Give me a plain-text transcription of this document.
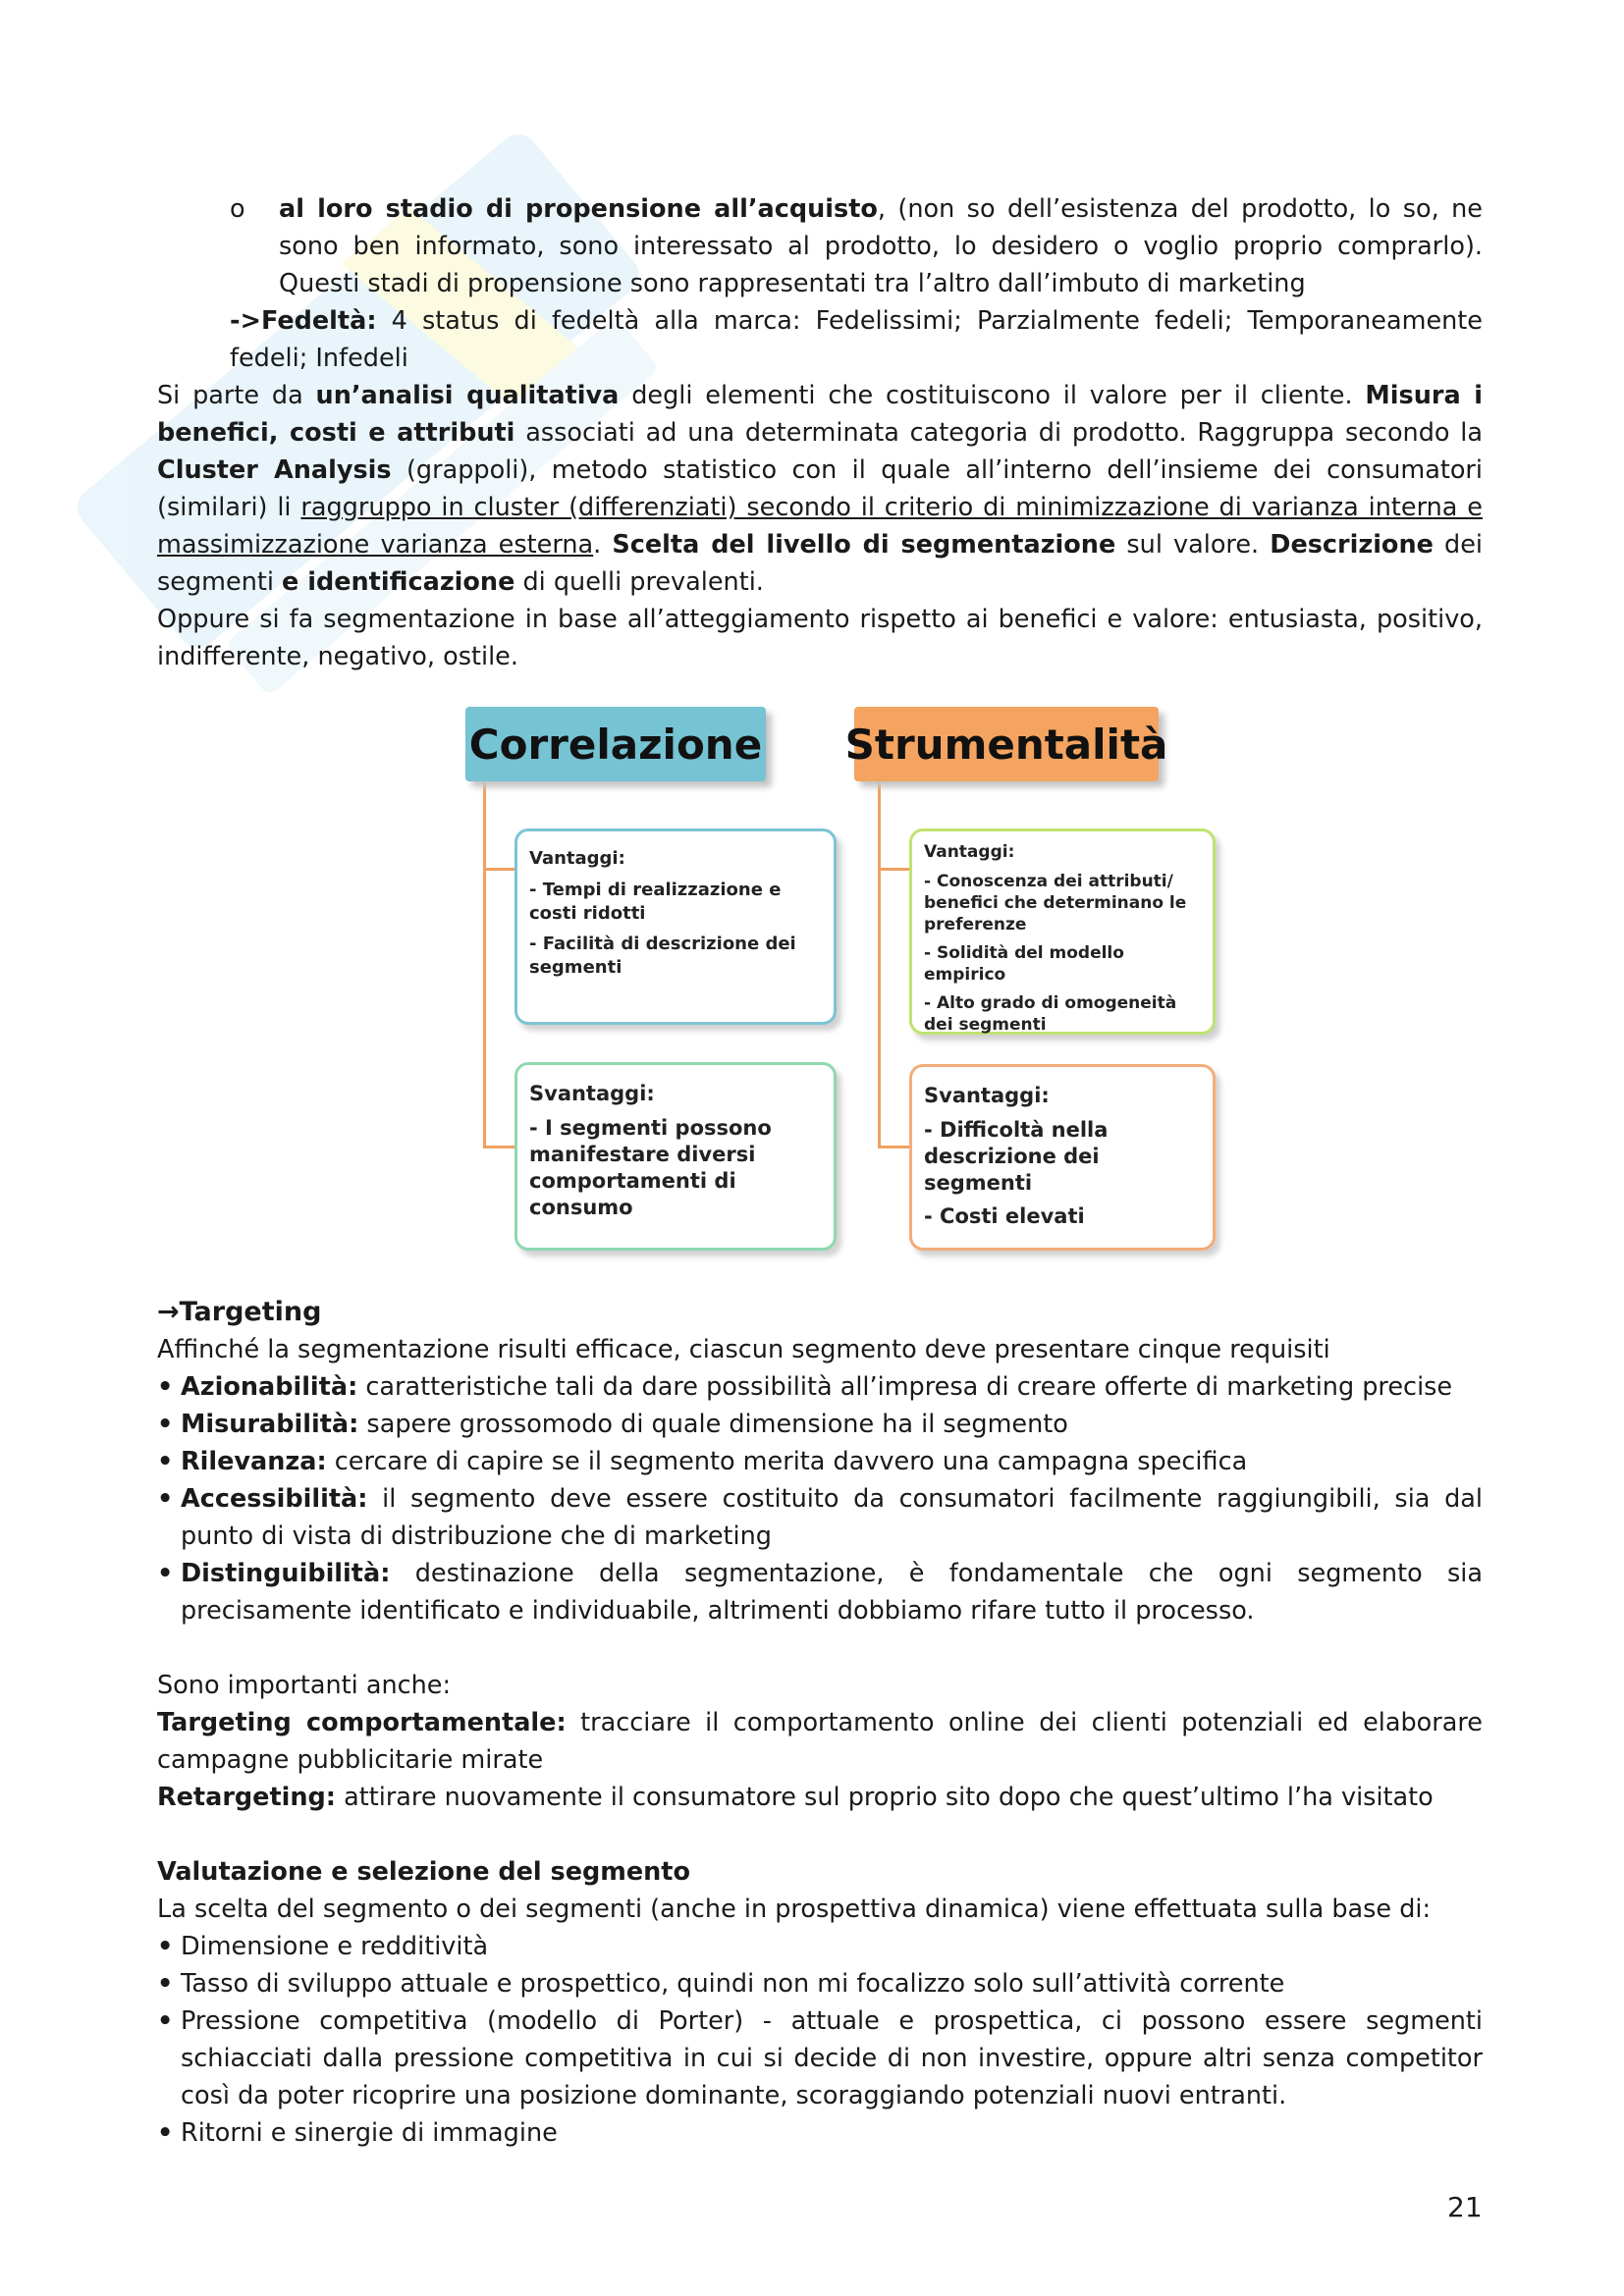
o al loro stadio di propensione all’acquisto, (non so dell’esistenza del prodotto, lo so, ne sono ben informato, sono interessato al prodotto, lo desidero o voglio proprio comprarlo). Questi stadi di propensione sono rappresentati tra l’altro dall’imbuto di marketing
->Fedeltà: 4 status di fedeltà alla marca: Fedelissimi; Parzialmente fedeli; Temporaneamente fedeli; Infedeli
Si parte da un’analisi qualitativa degli elementi che costituiscono il valore per il cliente. Misura i benefici, costi e attributi associati ad una determinata categoria di prodotto. Raggruppa secondo la Cluster Analysis (grappoli), metodo statistico con il quale all’interno dell’insieme dei consumatori (similari) li raggruppo in cluster (differenziati) secondo il criterio di minimizzazione di varianza interna e massimizzazione varianza esterna. Scelta del livello di segmentazione sul valore. Descrizione dei segmenti e identificazione di quelli prevalenti.
Oppure si fa segmentazione in base all’atteggiamento rispetto ai benefici e valore: entusiasta, positivo, indifferente, negativo, ostile.
Correlazione Strumentalità
Vantaggi:
- Tempi di realizzazione e costi ridotti
- Facilità di descrizione dei segmenti
Svantaggi:
- I segmenti possono manifestare diversi comportamenti di consumo
Vantaggi:
- Conoscenza dei attributi/ benefici che determinano le preferenze
- Solidità del modello empirico
- Alto grado di omogeneità dei segmenti
Svantaggi:
- Difficoltà nella descrizione dei segmenti
- Costi elevati
→Targeting
Affinché la segmentazione risulti efficace, ciascun segmento deve presentare cinque requisiti
• Azionabilità: caratteristiche tali da dare possibilità all’impresa di creare offerte di marketing precise
• Misurabilità: sapere grossomodo di quale dimensione ha il segmento
• Rilevanza: cercare di capire se il segmento merita davvero una campagna specifica
• Accessibilità: il segmento deve essere costituito da consumatori facilmente raggiungibili, sia dal punto di vista di distribuzione che di marketing
• Distinguibilità: destinazione della segmentazione, è fondamentale che ogni segmento sia precisamente identificato e individuabile, altrimenti dobbiamo rifare tutto il processo.
Sono importanti anche:
Targeting comportamentale: tracciare il comportamento online dei clienti potenziali ed elaborare campagne pubblicitarie mirate
Retargeting: attirare nuovamente il consumatore sul proprio sito dopo che quest’ultimo l’ha visitato
Valutazione e selezione del segmento
La scelta del segmento o dei segmenti (anche in prospettiva dinamica) viene effettuata sulla base di:
• Dimensione e redditività
• Tasso di sviluppo attuale e prospettico, quindi non mi focalizzo solo sull’attività corrente
• Pressione competitiva (modello di Porter) - attuale e prospettica, ci possono essere segmenti schiacciati dalla pressione competitiva in cui si decide di non investire, oppure altri senza competitor così da poter ricoprire una posizione dominante, scoraggiando potenziali nuovi entranti.
• Ritorni e sinergie di immagine
21
